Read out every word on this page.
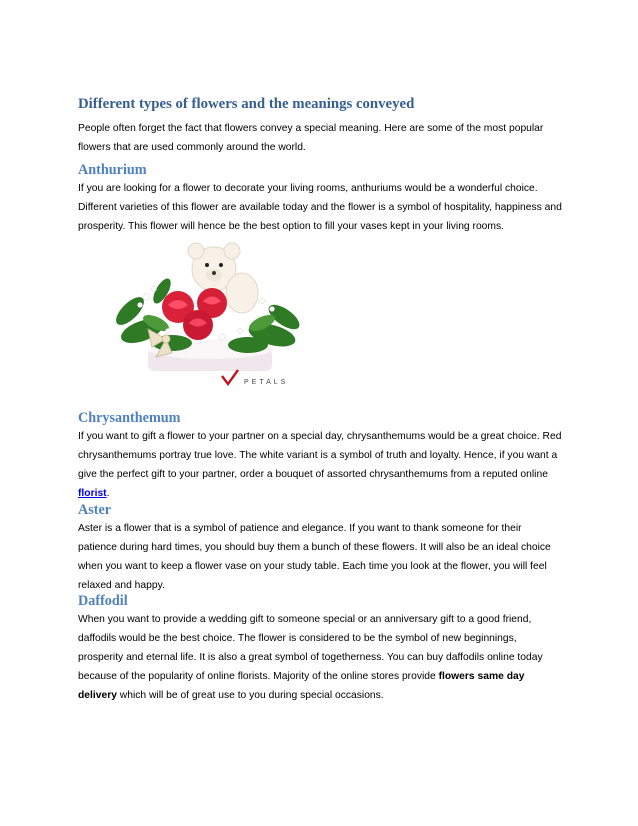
Different types of flowers and the meanings conveyed

People often forget the fact that flowers convey a special meaning. Here are some of the most popular flowers that are used commonly around the world.

Anthurium

If you are looking for a flower to decorate your living rooms, anthuriums would be a wonderful choice. Different varieties of this flower are available today and the flower is a symbol of hospitality, happiness and prosperity. This flower will hence be the best option to fill your vases kept in your living rooms.

PETALS
Chrysanthemum

If you want to gift a flower to your partner on a special day, chrysanthemums would be a great choice. Red chrysanthemums portray true love. The white variant is a symbol of truth and loyalty. Hence, if you want a give the perfect gift to your partner, order a bouquet of assorted chrysanthemums from a reputed online florist.

Aster

Aster is a flower that is a symbol of patience and elegance. If you want to thank someone for their patience during hard times, you should buy them a bunch of these flowers. It will also be an ideal choice when you want to keep a flower vase on your study table. Each time you look at the flower, you will feel relaxed and happy.

Daffodil

When you want to provide a wedding gift to someone special or an anniversary gift to a good friend, daffodils would be the best choice. The flower is considered to be the symbol of new beginnings, prosperity and eternal life. It is also a great symbol of togetherness. You can buy daffodils online today because of the popularity of online florists. Majority of the online stores provide flowers same day delivery which will be of great use to you during special occasions.
